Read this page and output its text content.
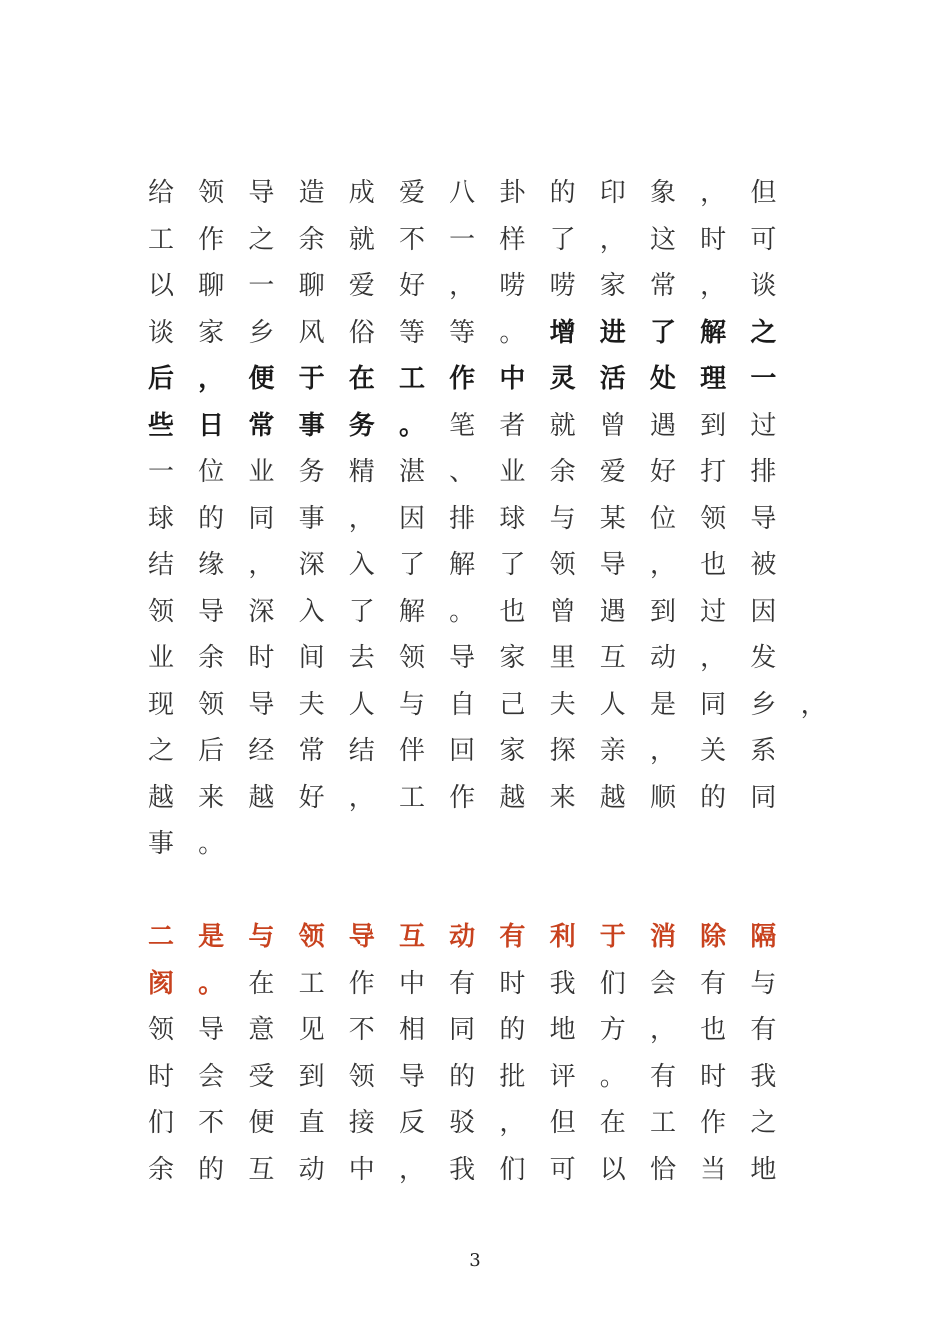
给 领 导 造 成 爱 八 卦 的 印 象 ， 但
工 作 之 余 就 不 一 样 了 ， 这 时 可
以 聊 一 聊 爱 好 ， 唠 唠 家 常 ， 谈
谈 家 乡 风 俗 等 等 。 增 进 了 解 之
后 ， 便 于 在 工 作 中 灵 活 处 理 一
些 日 常 事 务 。 笔 者 就 曾 遇 到 过
一 位 业 务 精 湛 、 业 余 爱 好 打 排
球 的 同 事 ， 因 排 球 与 某 位 领 导
结 缘 ， 深 入 了 解 了 领 导 ， 也 被
领 导 深 入 了 解 。 也 曾 遇 到 过 因
业 余 时 间 去 领 导 家 里 互 动 ， 发
现 领 导 夫 人 与 自 己 夫 人 是 同 乡 ，
之 后 经 常 结 伴 回 家 探 亲 ， 关 系
越 来 越 好 ， 工 作 越 来 越 顺 的 同
事 。
二 是 与 领 导 互 动 有 利 于 消 除 隔
阂 。 在 工 作 中 有 时 我 们 会 有 与
领 导 意 见 不 相 同 的 地 方 ， 也 有
时 会 受 到 领 导 的 批 评 。 有 时 我
们 不 便 直 接 反 驳 ， 但 在 工 作 之
余 的 互 动 中 ， 我 们 可 以 恰 当 地
3
